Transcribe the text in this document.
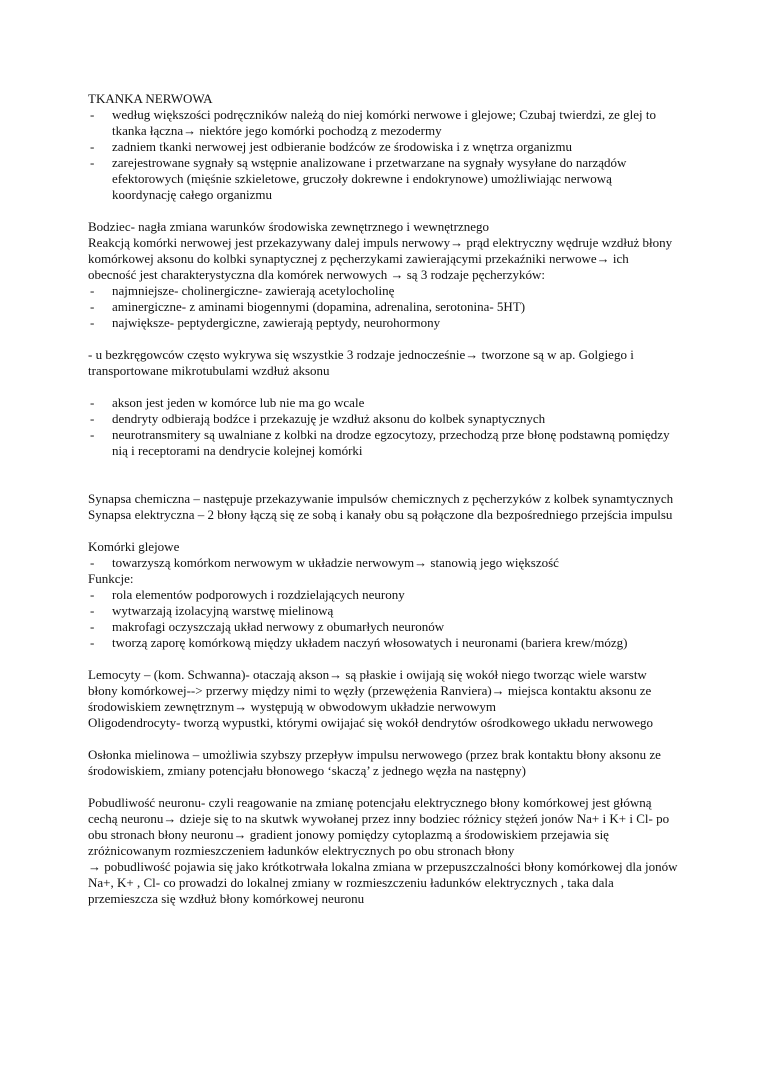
TKANKA NERWOWA
- według większości podręczników należą do niej komórki nerwowe i glejowe; Czubaj twierdzi, ze glej to
tkanka łączna→ niektóre jego komórki pochodzą z mezodermy
- zadniem tkanki nerwowej jest odbieranie bodźców ze środowiska i z wnętrza organizmu
- zarejestrowane sygnały są wstępnie analizowane i przetwarzane na sygnały wysyłane do narządów
efektorowych (mięśnie szkieletowe, gruczoły dokrewne i endokrynowe) umożliwiając nerwową
koordynację całego organizmu
Bodziec- nagła zmiana warunków środowiska zewnętrznego i wewnętrznego
Reakcją komórki nerwowej jest przekazywany dalej impuls nerwowy→ prąd elektryczny wędruje wzdłuż błony
komórkowej aksonu do kolbki synaptycznej z pęcherzykami zawierającymi przekaźniki nerwowe→ ich
obecność jest charakterystyczna dla komórek nerwowych → są 3 rodzaje pęcherzyków:
- najmniejsze- cholinergiczne- zawierają acetylocholinę
- aminergiczne- z aminami biogennymi (dopamina, adrenalina, serotonina- 5HT)
- największe- peptydergiczne, zawierają peptydy, neurohormony
- u bezkręgowców często wykrywa się wszystkie 3 rodzaje jednocześnie→ tworzone są w ap. Golgiego i
transportowane mikrotubulami wzdłuż aksonu
- akson jest jeden w komórce lub nie ma go wcale
- dendryty odbierają bodźce i przekazuję je wzdłuż aksonu do kolbek synaptycznych
- neurotransmitery są uwalniane z kolbki na drodze egzocytozy, przechodzą prze błonę podstawną pomiędzy
nią i receptorami na dendrycie kolejnej komórki
Synapsa chemiczna – następuje przekazywanie impulsów chemicznych z pęcherzyków z kolbek synamtycznych
Synapsa elektryczna – 2 błony łączą się ze sobą i kanały obu są połączone dla bezpośredniego przejścia impulsu
Komórki glejowe
- towarzyszą komórkom nerwowym w układzie nerwowym→ stanowią jego większość
Funkcje:
- rola elementów podporowych i rozdzielających neurony
- wytwarzają izolacyjną warstwę mielinową
- makrofagi oczyszczają układ nerwowy z obumarłych neuronów
- tworzą zaporę komórkową między układem naczyń włosowatych i neuronami (bariera krew/mózg)
Lemocyty – (kom. Schwanna)- otaczają akson→ są płaskie i owijają się wokół niego tworząc wiele warstw
błony komórkowej--> przerwy między nimi to węzły (przewężenia Ranviera)→ miejsca kontaktu aksonu ze
środowiskiem zewnętrznym→ występują w obwodowym układzie nerwowym
Oligodendrocyty- tworzą wypustki, którymi owijajać się wokół dendrytów ośrodkowego układu nerwowego
Osłonka mielinowa – umożliwia szybszy przepływ impulsu nerwowego (przez brak kontaktu błony aksonu ze
środowiskiem, zmiany potencjału błonowego ‘skaczą’ z jednego węzła na następny)
Pobudliwość neuronu- czyli reagowanie na zmianę potencjału elektrycznego błony komórkowej jest główną
cechą neuronu→ dzieje się to na skutwk wywołanej przez inny bodziec różnicy stężeń jonów Na+ i K+ i Cl- po
obu stronach błony neuronu→ gradient jonowy pomiędzy cytoplazmą a środowiskiem przejawia się
zróżnicowanym rozmieszczeniem ładunków elektrycznych po obu stronach błony
→ pobudliwość pojawia się jako krótkotrwała lokalna zmiana w przepuszczalności błony komórkowej dla jonów
Na+, K+ , Cl- co prowadzi do lokalnej zmiany w rozmieszczeniu ładunków elektrycznych , taka dala
przemieszcza się wzdłuż błony komórkowej neuronu
